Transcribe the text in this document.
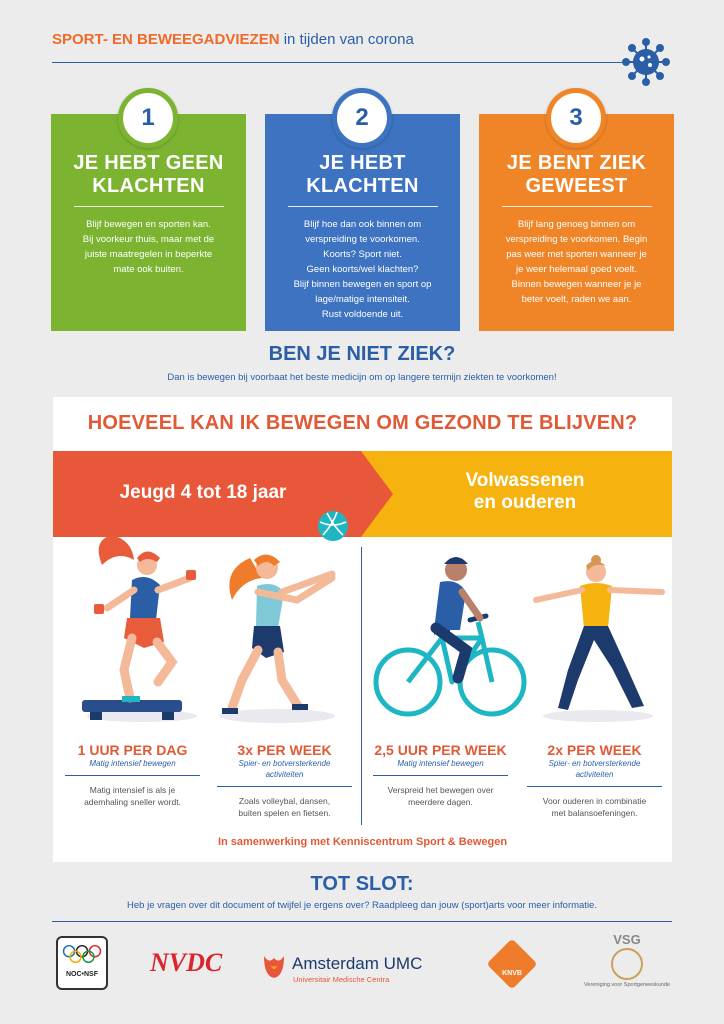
SPORT- EN BEWEEGADVIEZEN in tijden van corona
JE HEBT GEEN
KLACHTEN

Blijf bewegen en sporten kan.
Bij voorkeur thuis, maar met de
juiste maatregelen in beperkte
mate ook buiten.

JE HEBT
KLACHTEN

Blijf hoe dan ook binnen om
verspreiding te voorkomen.
Koorts? Sport niet.
Geen koorts/wel klachten?
Blijf binnen bewegen en sport op
lage/matige intensiteit.
Rust voldoende uit.

JE BENT ZIEK
GEWEEST

Blijf lang genoeg binnen om
verspreiding te voorkomen. Begin
pas weer met sporten wanneer je
je weer helemaal goed voelt.
Binnen bewegen wanneer je je
beter voelt, raden we aan.

1	2	3
BEN JE NIET ZIEK?
Dan is bewegen bij voorbaat het beste medicijn om op langere termijn ziekten te voorkomen!
HOEVEEL KAN IK BEWEGEN OM GEZOND TE BLIJVEN?
Jeugd 4 tot 18 jaar
Volwassenen
en ouderen
1 UUR PER DAG
Matig intensief bewegen
Matig intensief is als je
ademhaling sneller wordt.
3x PER WEEK
Spier- en botversterkende
activiteiten
Zoals volleybal, dansen,
buiten spelen en fietsen.
2,5 UUR PER WEEK
Matig intensief bewegen
Verspreid het bewegen over
meerdere dagen.
2x PER WEEK
Spier- en botversterkende
activiteiten
Voor ouderen in combinatie
met balansoefeningen.
In samenwerking met Kenniscentrum Sport & Bewegen
TOT SLOT:
Heb je vragen over dit document of twijfel je ergens over? Raadpleeg dan jouw (sport)arts voor meer informatie.
NOC•NSF	NVDC	Amsterdam UMC
Universitair Medische Centra
KNVB
VSG
Vereniging voor Sportgeneeskunde
